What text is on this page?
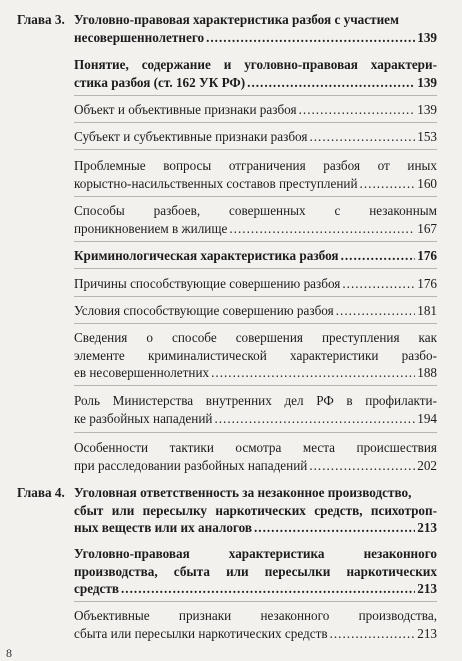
Глава 3. Уголовно-правовая характеристика разбоя с участием
несовершеннолетнего .....	139
Понятие, содержание и уголовно-правовая характери-
стика разбоя (ст. 162 УК РФ) .....	139
Объект и объективные признаки разбоя .....	139
Субъект и субъективные признаки разбоя .....	153
Проблемные вопросы отграничения разбоя от иных
корыстно-насильственных составов преступлений .....	160
Способы разбоев, совершенных с незаконным
проникновением в жилище .....	167
Криминологическая характеристика разбоя .....	176
Причины способствующие совершению разбоя .....	176
Условия способствующие совершению разбоя .....	181
Сведения о способе совершения преступления как
элементе криминалистической характеристики разбо-
ев несовершеннолетних .....	188
Роль Министерства внутренних дел РФ в профилакти-
ке разбойных нападений .....	194
Особенности тактики осмотра места происшествия
при расследовании разбойных нападений .....	202
Глава 4. Уголовная ответственность за незаконное производство,
сбыт или пересылку наркотических средств, психотроп-
ных веществ или их аналогов .....	213
Уголовно-правовая характеристика незаконного
производства, сбыта или пересылки наркотических
средств .....	213
Объективные признаки незаконного производства,
сбыта или пересылки наркотических средств .....	213
8
